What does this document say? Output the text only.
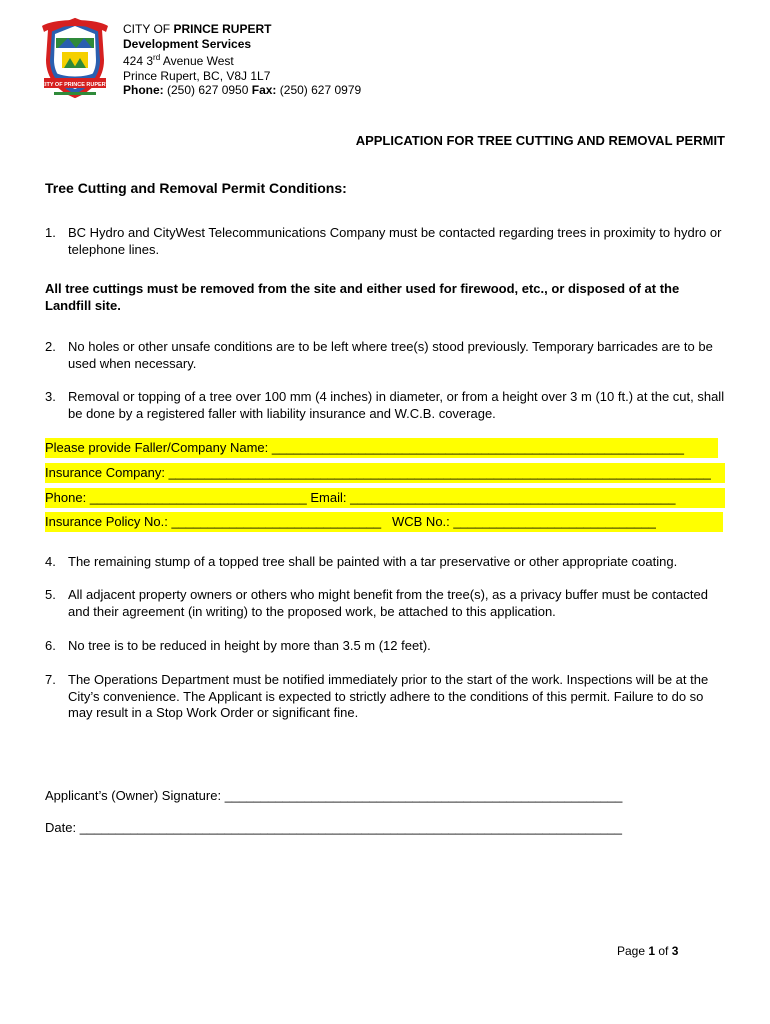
CITY OF PRINCE RUPERT
CITY OF PRINCE RUPERT
Development Services
424 3rd Avenue West
Prince Rupert, BC, V8J 1L7
Phone: (250) 627 0950 Fax: (250) 627 0979
APPLICATION FOR TREE CUTTING AND REMOVAL PERMIT
Tree Cutting and Removal Permit Conditions:
1. BC Hydro and CityWest Telecommunications Company must be contacted regarding trees in proximity to hydro or telephone lines.
All tree cuttings must be removed from the site and either used for firewood, etc., or disposed of at the Landfill site.
2. No holes or other unsafe conditions are to be left where tree(s) stood previously. Temporary barricades are to be used when necessary.
3. Removal or topping of a tree over 100 mm (4 inches) in diameter, or from a height over 3 m (10 ft.) at the cut, shall be done by a registered faller with liability insurance and W.C.B. coverage.
Please provide Faller/Company Name: _________________________________________________________
Insurance Company: ___________________________________________________________________________
Phone: ______________________________ Email: _____________________________________________
Insurance Policy No.: _____________________________ WCB No.: ____________________________
4. The remaining stump of a topped tree shall be painted with a tar preservative or other appropriate coating.
5. All adjacent property owners or others who might benefit from the tree(s), as a privacy buffer must be contacted and their agreement (in writing) to the proposed work, be attached to this application.
6. No tree is to be reduced in height by more than 3.5 m (12 feet).
7. The Operations Department must be notified immediately prior to the start of the work. Inspections will be at the City’s convenience. The Applicant is expected to strictly adhere to the conditions of this permit. Failure to do so may result in a Stop Work Order or significant fine.
Applicant’s (Owner) Signature: _______________________________________________________
Date: ___________________________________________________________________________
Page 1 of 3
